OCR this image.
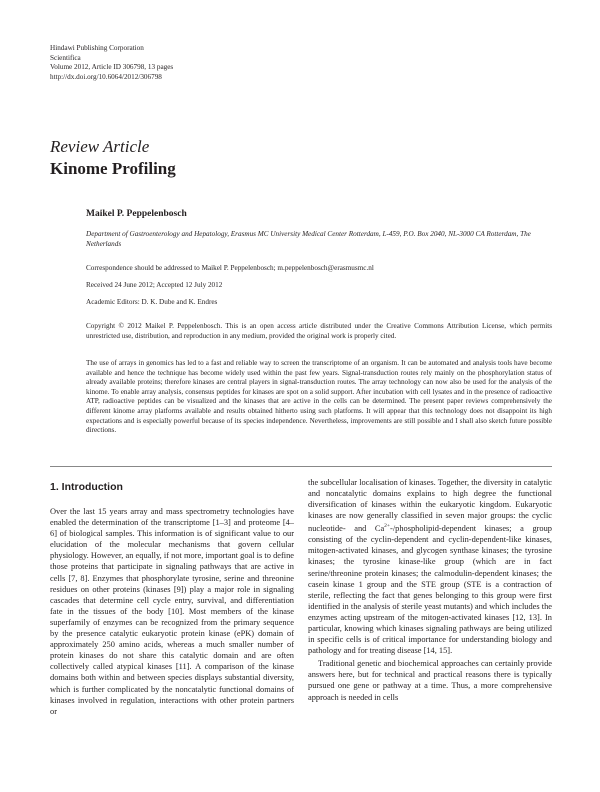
Hindawi Publishing Corporation
Scientifica
Volume 2012, Article ID 306798, 13 pages
http://dx.doi.org/10.6064/2012/306798
Review Article
Kinome Profiling
Maikel P. Peppelenbosch
Department of Gastroenterology and Hepatology, Erasmus MC University Medical Center Rotterdam, L-459, P.O. Box 2040, NL-3000 CA Rotterdam, The Netherlands
Correspondence should be addressed to Maikel P. Peppelenbosch; m.peppelenbosch@erasmusmc.nl
Received 24 June 2012; Accepted 12 July 2012
Academic Editors: D. K. Dube and K. Endres
Copyright © 2012 Maikel P. Peppelenbosch. This is an open access article distributed under the Creative Commons Attribution License, which permits unrestricted use, distribution, and reproduction in any medium, provided the original work is properly cited.
The use of arrays in genomics has led to a fast and reliable way to screen the transcriptome of an organism. It can be automated and analysis tools have become available and hence the technique has become widely used within the past few years. Signal-transduction routes rely mainly on the phosphorylation status of already available proteins; therefore kinases are central players in signal-transduction routes. The array technology can now also be used for the analysis of the kinome. To enable array analysis, consensus peptides for kinases are spot on a solid support. After incubation with cell lysates and in the presence of radioactive ATP, radioactive peptides can be visualized and the kinases that are active in the cells can be determined. The present paper reviews comprehensively the different kinome array platforms available and results obtained hitherto using such platforms. It will appear that this technology does not disappoint its high expectations and is especially powerful because of its species independence. Nevertheless, improvements are still possible and I shall also sketch future possible directions.
1. Introduction

Over the last 15 years array and mass spectrometry technologies have enabled the determination of the transcriptome [1–3] and proteome [4–6] of biological samples. This information is of significant value to our elucidation of the molecular mechanisms that govern cellular physiology. However, an equally, if not more, important goal is to define those proteins that participate in signaling pathways that are active in cells [7, 8]. Enzymes that phosphorylate tyrosine, serine and threonine residues on other proteins (kinases [9]) play a major role in signaling cascades that determine cell cycle entry, survival, and differentiation fate in the tissues of the body [10]. Most members of the kinase superfamily of enzymes can be recognized from the primary sequence by the presence catalytic eukaryotic protein kinase (ePK) domain of approximately 250 amino acids, whereas a much smaller number of protein kinases do not share this catalytic domain and are often collectively called atypical kinases [11]. A comparison of the kinase domains both within and between species displays substantial diversity, which is further complicated by the noncatalytic functional domains of kinases involved in regulation, interactions with other protein partners or

the subcellular localisation of kinases. Together, the diversity in catalytic and noncatalytic domains explains to high degree the functional diversification of kinases within the eukaryotic kingdom. Eukaryotic kinases are now generally classified in seven major groups: the cyclic nucleotide- and $Ca^{2+}-/phospholipid$-dependent kinases; a group consisting of the cyclin-dependent and cyclin-dependent-like kinases, mitogen-activated kinases, and glycogen synthase kinases; the tyrosine kinases; the tyrosine kinase-like group (which are in fact serine/threonine protein kinases; the calmodulin-dependent kinases; the casein kinase 1 group and the STE group (STE is a contraction of sterile, reflecting the fact that genes belonging to this group were first identified in the analysis of sterile yeast mutants) and which includes the enzymes acting upstream of the mitogen-activated kinases [12, 13]. In particular, knowing which kinases signaling pathways are being utilized in specific cells is of critical importance for understanding biology and pathology and for treating disease [14, 15].

Traditional genetic and biochemical approaches can certainly provide answers here, but for technical and practical reasons there is typically pursued one gene or pathway at a time. Thus, a more comprehensive approach is needed in cells
